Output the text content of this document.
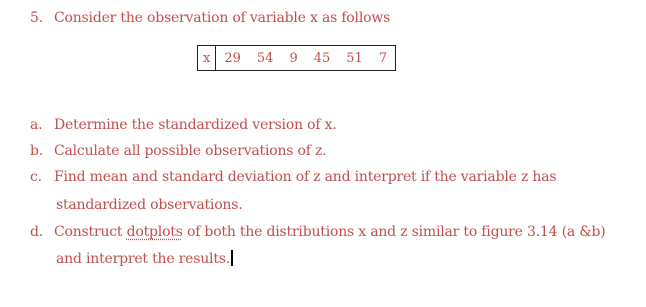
5. Consider the observation of variable x as follows
x	29	54	9	45	51	7
a. Determine the standardized version of x.
b. Calculate all possible observations of z.
c. Find mean and standard deviation of z and interpret if the variable z has
standardized observations.
d. Construct dotplots of both the distributions x and z similar to figure 3.14 (a &b)
and interpret the results.
